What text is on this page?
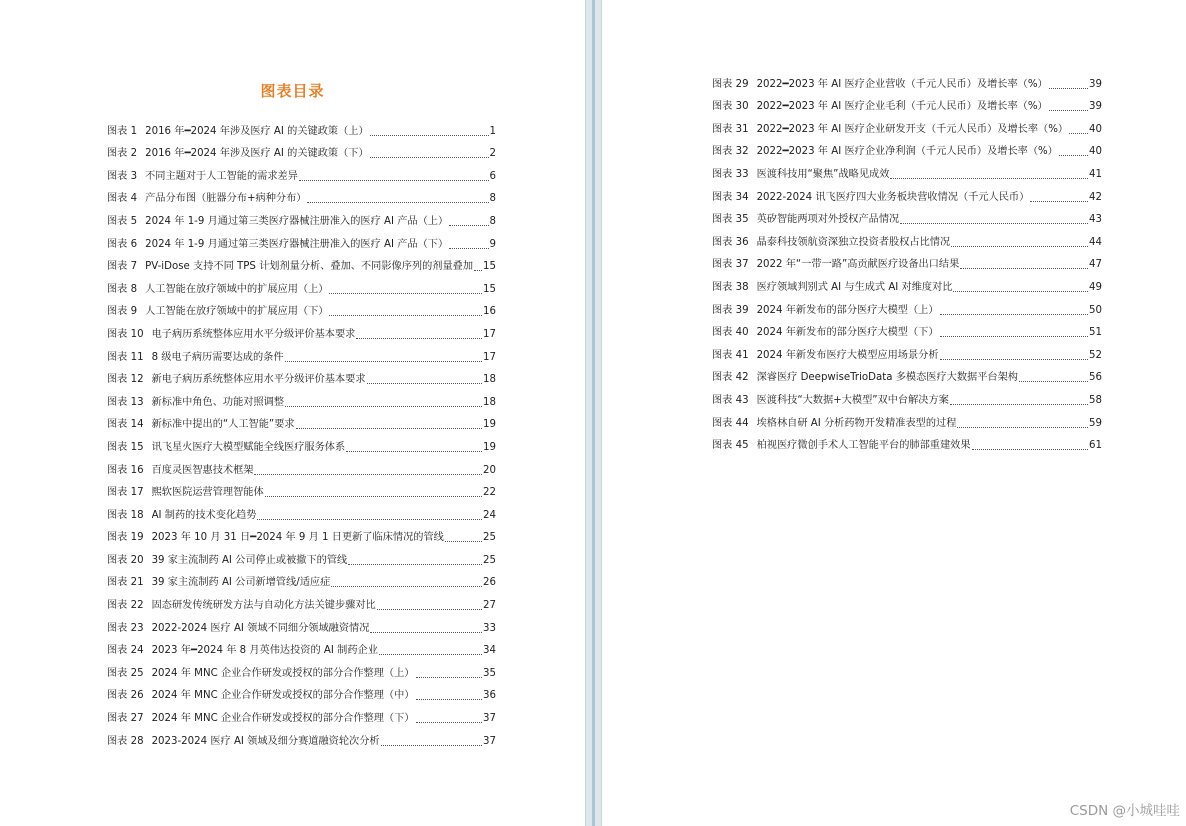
图表目录
图表 1 2016 年━2024 年涉及医疗 AI 的关键政策（上）	1
图表 2 2016 年━2024 年涉及医疗 AI 的关键政策（下）	2
图表 3 不同主题对于人工智能的需求差异	6
图表 4 产品分布图（脏器分布+病种分布）	8
图表 5 2024 年 1-9 月通过第三类医疗器械注册准入的医疗 AI 产品（上）	8
图表 6 2024 年 1-9 月通过第三类医疗器械注册准入的医疗 AI 产品（下）	9
图表 7 PV-iDose 支持不同 TPS 计划剂量分析、叠加、不同影像序列的剂量叠加 15
图表 8 人工智能在放疗领域中的扩展应用（上）	15
图表 9 人工智能在放疗领域中的扩展应用（下）	16
图表 10 电子病历系统整体应用水平分级评价基本要求	17
图表 11 8 级电子病历需要达成的条件	17
图表 12 新电子病历系统整体应用水平分级评价基本要求	18
图表 13 新标准中角色、功能对照调整	18
图表 14 新标准中提出的“人工智能”要求	19
图表 15 讯飞星火医疗大模型赋能全线医疗服务体系	19
图表 16 百度灵医智惠技术框架	20
图表 17 熙软医院运营管理智能体	22
图表 18 AI 制药的技术变化趋势	24
图表 19 2023 年 10 月 31 日━2024 年 9 月 1 日更新了临床情况的管线	25
图表 20 39 家主流制药 AI 公司停止或被撤下的管线	25
图表 21 39 家主流制药 AI 公司新增管线/适应症	26
图表 22 固态研发传统研发方法与自动化方法关键步骤对比	27
图表 23 2022-2024 医疗 AI 领域不同细分领域融资情况	33
图表 24 2023 年━2024 年 8 月英伟达投资的 AI 制药企业	34
图表 25 2024 年 MNC 企业合作研发或授权的部分合作整理（上）	35
图表 26 2024 年 MNC 企业合作研发或授权的部分合作整理（中）	36
图表 27 2024 年 MNC 企业合作研发或授权的部分合作整理（下）	37
图表 28 2023-2024 医疗 AI 领域及细分赛道融资轮次分析	37
图表 29 2022━2023 年 AI 医疗企业营收（千元人民币）及增长率（%）	39
图表 30 2022━2023 年 AI 医疗企业毛利（千元人民币）及增长率（%）	39
图表 31 2022━2023 年 AI 医疗企业研发开支（千元人民币）及增长率（%） 40
图表 32 2022━2023 年 AI 医疗企业净利润（千元人民币）及增长率（%）	40
图表 33 医渡科技用“聚焦”战略见成效	41
图表 34 2022-2024 讯飞医疗四大业务板块营收情况（千元人民币）	42
图表 35 英矽智能两项对外授权产品情况	43
图表 36 晶泰科技领航资深独立投资者股权占比情况	44
图表 37 2022 年“一带一路”高贡献医疗设备出口结果	47
图表 38 医疗领域判别式 AI 与生成式 AI 对维度对比	49
图表 39 2024 年新发布的部分医疗大模型（上）	50
图表 40 2024 年新发布的部分医疗大模型（下）	51
图表 41 2024 年新发布医疗大模型应用场景分析	52
图表 42 深睿医疗 DeepwiseTrioData 多模态医疗大数据平台架构	56
图表 43 医渡科技“大数据+大模型”双中台解决方案	58
图表 44 埃格林自研 AI 分析药物开发精准表型的过程	59
图表 45 柏视医疗微创手术人工智能平台的肺部重建效果	61
CSDN @小城哇哇
